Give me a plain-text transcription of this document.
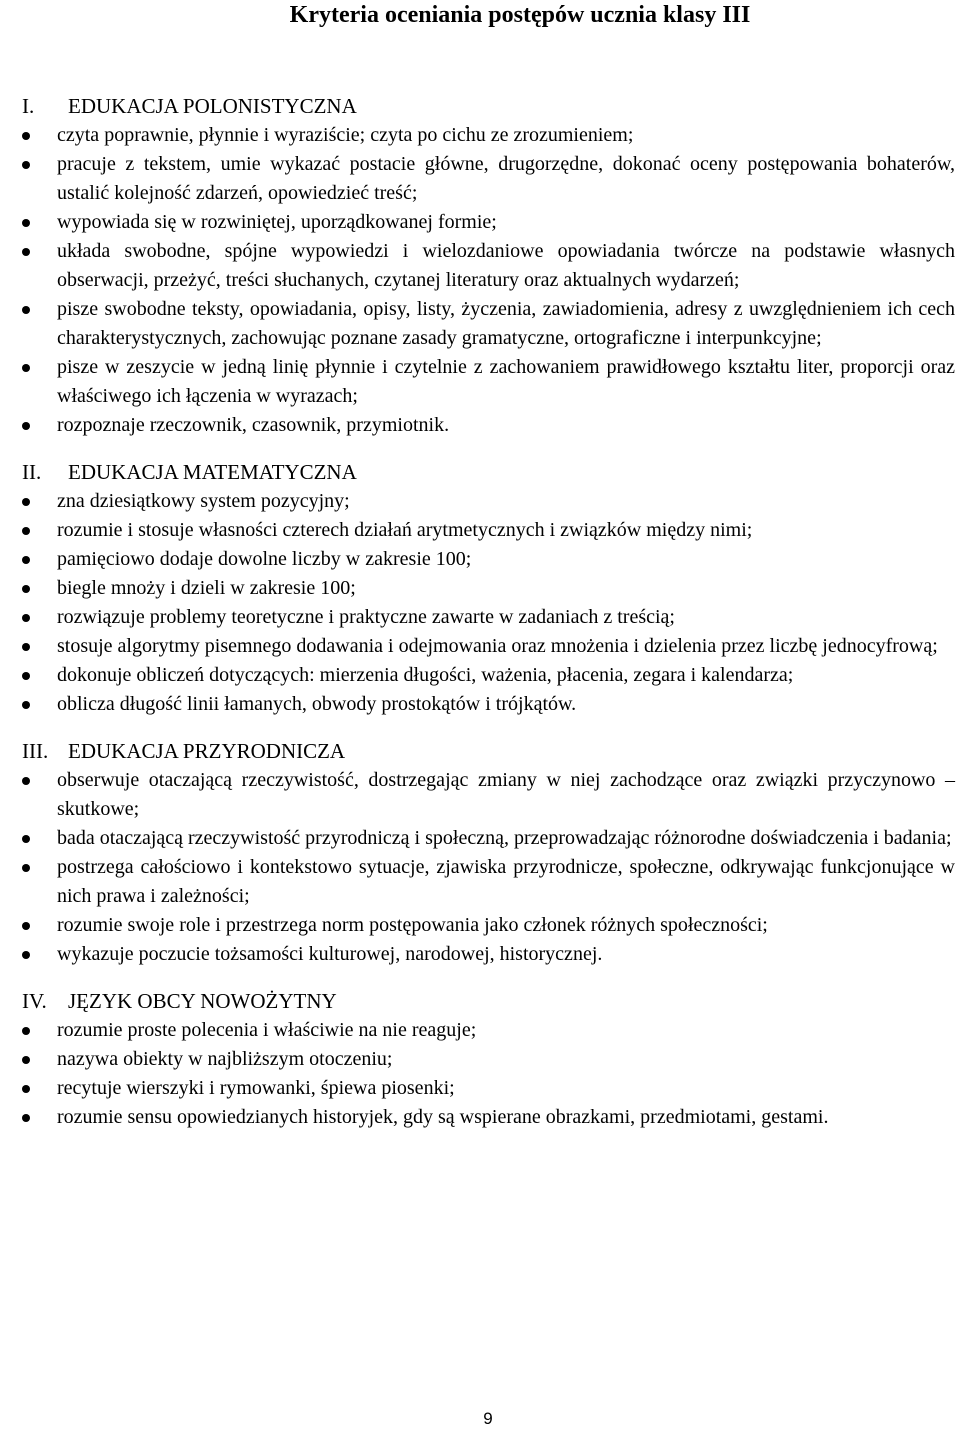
Kryteria oceniania postępów ucznia klasy III
I. EDUKACJA POLONISTYCZNA
czyta poprawnie, płynnie i wyraziście; czyta po cichu ze zrozumieniem;
pracuje z tekstem, umie wykazać postacie główne, drugorzędne, dokonać oceny postępowania bohaterów, ustalić kolejność zdarzeń, opowiedzieć treść;
wypowiada się w rozwiniętej, uporządkowanej formie;
układa swobodne, spójne wypowiedzi i wielozdaniowe opowiadania twórcze na podstawie własnych obserwacji, przeżyć, treści słuchanych, czytanej literatury oraz aktualnych wydarzeń;
pisze swobodne teksty, opowiadania, opisy, listy, życzenia, zawiadomienia, adresy z uwzględnieniem ich cech charakterystycznych, zachowując poznane zasady gramatyczne, ortograficzne i interpunkcyjne;
pisze w zeszycie w jedną linię płynnie i czytelnie z zachowaniem prawidłowego kształtu liter, proporcji oraz właściwego ich łączenia w wyrazach;
rozpoznaje rzeczownik, czasownik, przymiotnik.
II. EDUKACJA MATEMATYCZNA
zna dziesiątkowy system pozycyjny;
rozumie i stosuje własności czterech działań arytmetycznych i związków między nimi;
pamięciowo dodaje dowolne liczby w zakresie 100;
biegle mnoży i dzieli w zakresie 100;
rozwiązuje problemy teoretyczne i praktyczne zawarte w zadaniach z treścią;
stosuje algorytmy pisemnego dodawania i odejmowania oraz mnożenia i dzielenia przez liczbę jednocyfrową;
dokonuje obliczeń dotyczących: mierzenia długości, ważenia, płacenia, zegara i kalendarza;
oblicza długość linii łamanych, obwody prostokątów i trójkątów.
III. EDUKACJA PRZYRODNICZA
obserwuje otaczającą rzeczywistość, dostrzegając zmiany w niej zachodzące oraz związki przyczynowo – skutkowe;
bada otaczającą rzeczywistość przyrodniczą i społeczną, przeprowadzając różnorodne doświadczenia i badania;
postrzega całościowo i kontekstowo sytuacje, zjawiska przyrodnicze, społeczne, odkrywając funkcjonujące w nich prawa i zależności;
rozumie swoje role i przestrzega norm postępowania jako członek różnych społeczności;
wykazuje poczucie tożsamości kulturowej, narodowej, historycznej.
IV. JĘZYK OBCY NOWOŻYTNY
rozumie proste polecenia i właściwie na nie reaguje;
nazywa obiekty w najbliższym otoczeniu;
recytuje wierszyki i rymowanki, śpiewa piosenki;
rozumie sensu opowiedzianych historyjek, gdy są wspierane obrazkami, przedmiotami, gestami.
9
